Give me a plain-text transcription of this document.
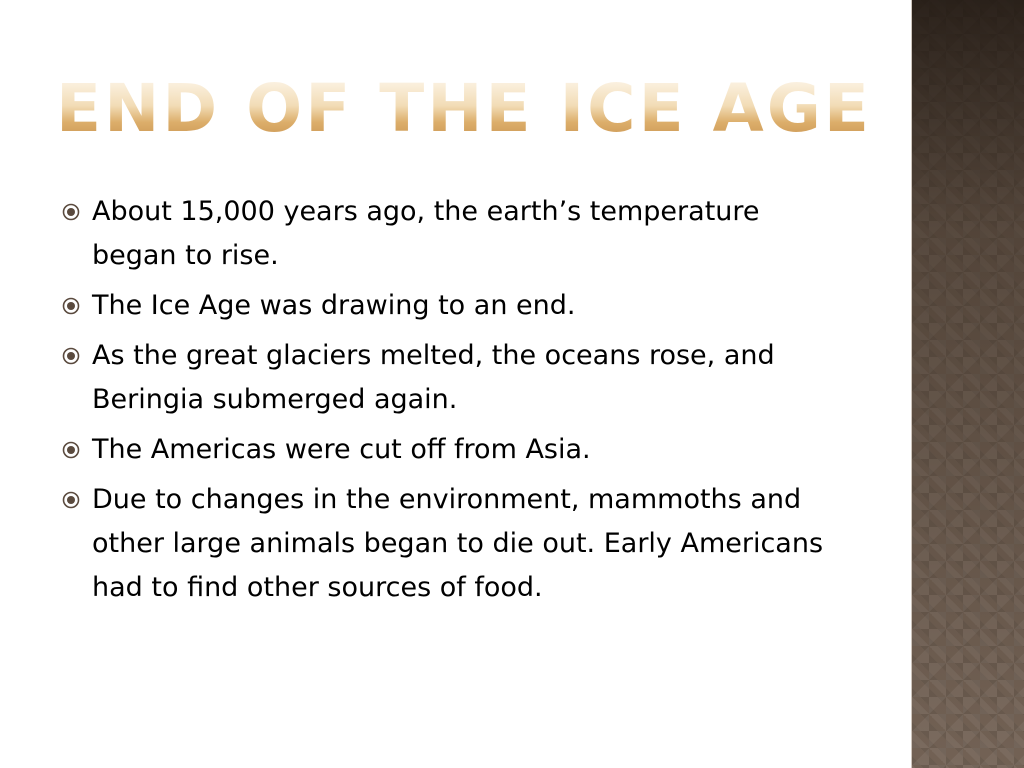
END OF THE ICE AGE
About 15,000 years ago, the earth’s temperature began to rise.
The Ice Age was drawing to an end.
As the great glaciers melted, the oceans rose, and Beringia submerged again.
The Americas were cut off from Asia.
Due to changes in the environment, mammoths and other large animals began to die out. Early Americans had to find other sources of food.
